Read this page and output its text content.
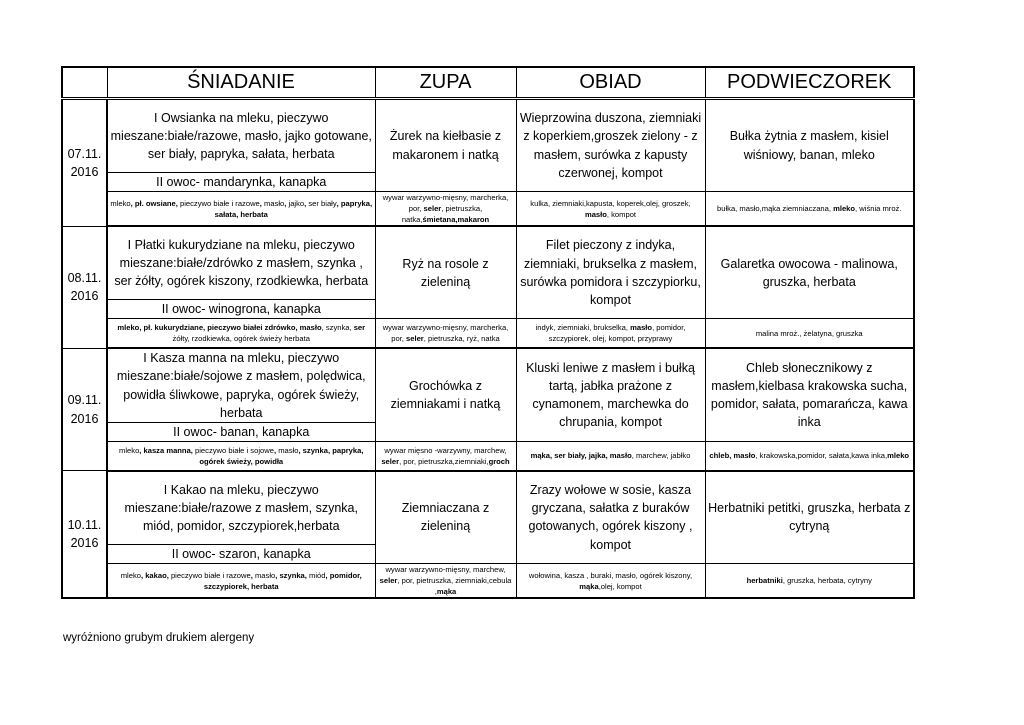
	ŚNIADANIE	ZUPA	OBIAD	PODWIECZOREK
07.11.
2016	I Owsianka na mleku, pieczywo mieszane:białe/razowe, masło, jajko gotowane, ser biały, papryka, sałata, herbata	Żurek na kiełbasie z makaronem i natką	Wieprzowina duszona, ziemniaki z koperkiem,groszek zielony - z masłem, surówka z kapusty czerwonej, kompot	Bułka żytnia z masłem, kisiel wiśniowy, banan, mleko
	II owoc- mandarynka, kanapka			
	mleko, pł. owsiane, pieczywo białe i razowe, masło, jajko, ser biały, papryka, sałata, herbata	wywar warzywno-mięsny, marcherka, por, seler, pietruszka, natka,śmietana,makaron	kulka, ziemniaki,kapusta, koperek,olej, groszek, masło, kompot	bułka, masło,mąka ziemniaczana, mleko, wiśnia mroż.
08.11.
2016	I Płatki kukurydziane na mleku, pieczywo mieszane:białe/zdrówko z masłem, szynka , ser żółty, ogórek kiszony, rzodkiewka, herbata	Ryż na rosole z zieleniną	Filet pieczony z indyka, ziemniaki, brukselka z masłem, surówka pomidora i szczypiorku, kompot	Galaretka owocowa - malinowa, gruszka, herbata
	II owoc- winogrona, kanapka			
	mleko, pł. kukurydziane, pieczywo białei zdrówko, masło, szynka, ser żółty, rzodkiewka, ogórek świeży herbata	wywar warzywno-mięsny, marcherka, por, seler, pietruszka, ryż, natka	indyk, ziemniaki, brukselka, masło, pomidor, szczypiorek, olej, kompot, przyprawy	malina mroż., żelatyna, gruszka
09.11.
2016	I Kasza manna na mleku, pieczywo mieszane:białe/sojowe z masłem, polędwica, powidła śliwkowe, papryka, ogórek świeży, herbata	Grochówka z ziemniakami i natką	Kluski leniwe z masłem i bułką tartą, jabłka prażone z cynamonem, marchewka do chrupania, kompot	Chleb słonecznikowy z masłem,kielbasa krakowska sucha, pomidor, sałata, pomarańcza, kawa inka
	II owoc- banan, kanapka			
	mleko, kasza manna, pieczywo białe i sojowe, masło, szynka, papryka, ogórek świeży, powidła	wywar mięsno -warzywny, marchew, seler, por, pietruszka,ziemniaki,groch	mąka, ser biały, jajka, masło, marchew, jabłko	chleb, masło, krakowska,pomidor, sałata,kawa inka,mleko
10.11.
2016	I Kakao na mleku, pieczywo mieszane:białe/razowe z masłem, szynka, miód, pomidor, szczypiorek,herbata	Ziemniaczana z zieleniną	Zrazy wołowe w sosie, kasza gryczana, sałatka z buraków gotowanych, ogórek kiszony , kompot	Herbatniki petitki, gruszka, herbata z cytryną
	II owoc- szaron, kanapka			
	mleko, kakao, pieczywo białe i razowe, masło, szynka, miód, pomidor, szczypiorek, herbata	wywar warzywno-mięsny, marchew, seler, por, pietruszka, ziemniaki,cebula ,mąka	wołowina, kasza , buraki, masło, ogórek kiszony, mąka,olej, kompot	herbatniki, gruszka, herbata, cytryny
wyróżniono grubym drukiem alergeny
